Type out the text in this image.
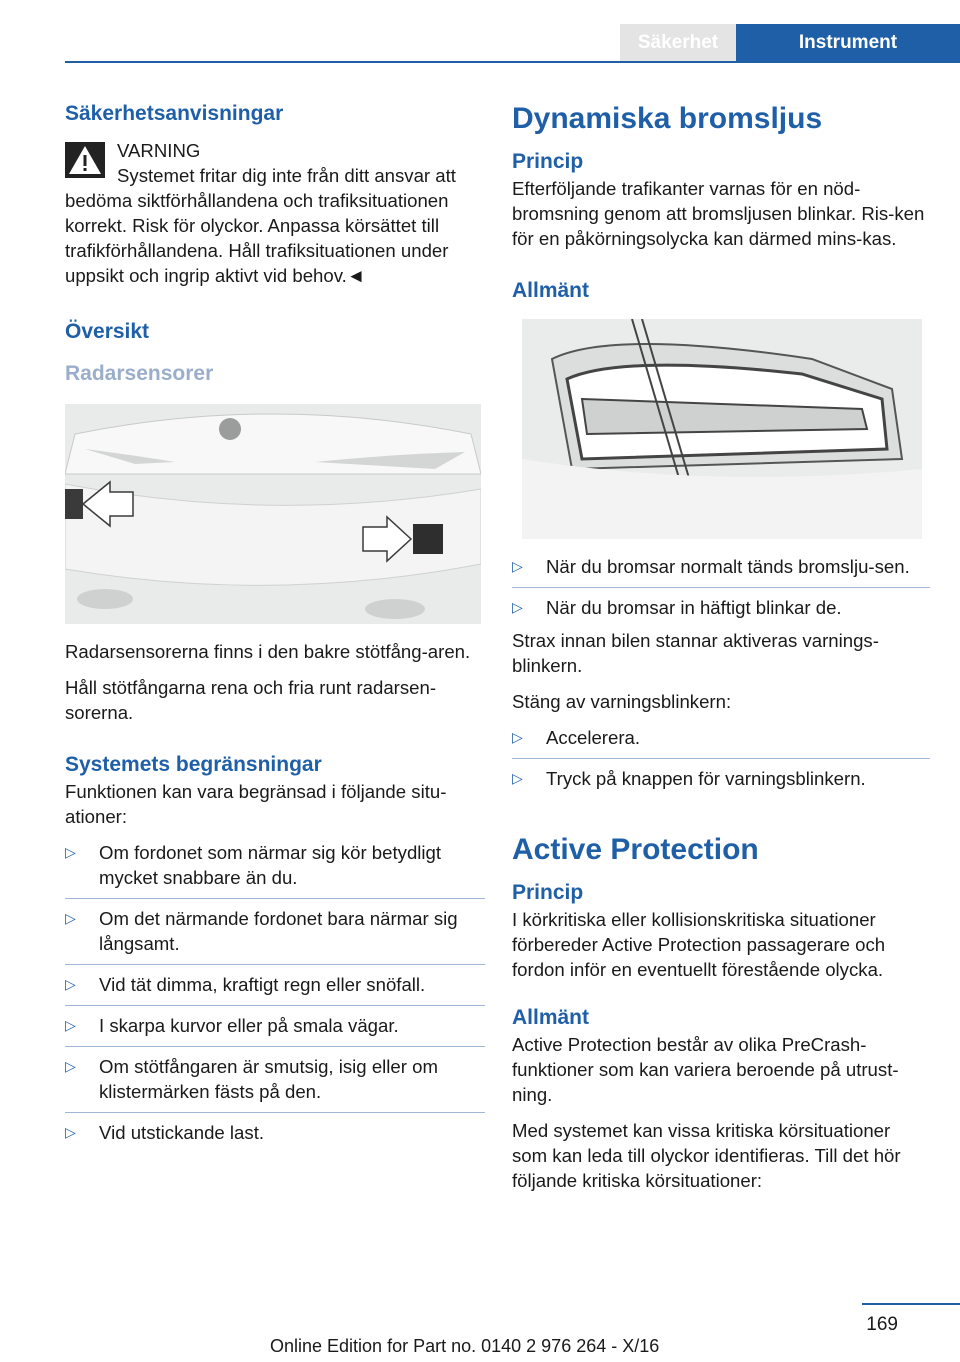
Säkerhet	Instrument
Säkerhetsanvisningar
VARNING
Systemet fritar dig inte från ditt ansvar att bedöma siktförhållandena och trafiksituationen korrekt. Risk för olyckor. Anpassa körsättet till trafikförhållandena. Håll trafiksituationen under uppsikt och ingrip aktivt vid behov.◄
Översikt
Radarsensorer
Radarsensorerna finns i den bakre stötfång-aren.
Håll stötfångarna rena och fria runt radarsen-sorerna.
Systemets begränsningar
Funktionen kan vara begränsad i följande situ-ationer:
▷ Om fordonet som närmar sig kör betydligt mycket snabbare än du.
▷ Om det närmande fordonet bara närmar sig långsamt.
▷ Vid tät dimma, kraftigt regn eller snöfall.
▷ I skarpa kurvor eller på smala vägar.
▷ Om stötfångaren är smutsig, isig eller om klistermärken fästs på den.
▷ Vid utstickande last.
Dynamiska bromsljus
Princip
Efterföljande trafikanter varnas för en nöd-bromsning genom att bromsljusen blinkar. Ris-ken för en påkörningsolycka kan därmed mins-kas.
Allmänt
▷ När du bromsar normalt tänds bromslju-sen.
▷ När du bromsar in häftigt blinkar de.
Strax innan bilen stannar aktiveras varnings-blinkern.
Stäng av varningsblinkern:
▷ Accelerera.
▷ Tryck på knappen för varningsblinkern.
Active Protection
Princip
I körkritiska eller kollisionskritiska situationer förbereder Active Protection passagerare och fordon inför en eventuellt förestående olycka.
Allmänt
Active Protection består av olika PreCrash-funktioner som kan variera beroende på utrust-ning.
Med systemet kan vissa kritiska körsituationer som kan leda till olyckor identifieras. Till det hör följande kritiska körsituationer:
169
Online Edition for Part no. 0140 2 976 264 - X/16
